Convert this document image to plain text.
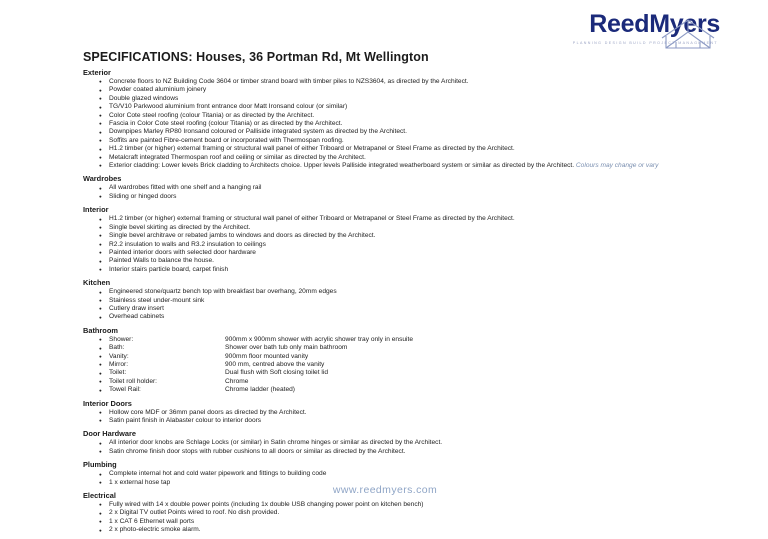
ReedMyers
PLANNING DESIGN BUILD PROJECT MANAGEMENT
SPECIFICATIONS: Houses, 36 Portman Rd, Mt Wellington
Exterior
● Concrete floors to NZ Building Code 3604 or timber strand board with timber piles to NZS3604, as directed by the Architect.
● Powder coated aluminium joinery
● Double glazed windows
● TG/V10 Parkwood aluminium front entrance door Matt Ironsand colour (or similar)
● Color Cote steel roofing (colour Titania) or as directed by the Architect.
● Fascia in Color Cote steel roofing (colour Titania) or as directed by the Architect.
● Downpipes Marley RP80 Ironsand coloured or Palliside integrated system as directed by the Architect.
● Soffits are painted Fibre-cement board or incorporated with Thermospan roofing.
● H1.2 timber (or higher) external framing or structural wall panel of either Triboard or Metrapanel or Steel Frame as directed by the Architect.
● Metalcraft integrated Thermospan roof and ceiling or similar as directed by the Architect.
● Exterior cladding: Lower levels Brick cladding to Architects choice. Upper levels Palliside integrated weatherboard system or similar as directed by the Architect. Colours may change or vary
Wardrobes
● All wardrobes fitted with one shelf and a hanging rail
● Sliding or hinged doors
Interior
● H1.2 timber (or higher) external framing or structural wall panel of either Triboard or Metrapanel or Steel Frame as directed by the Architect.
● Single bevel skirting as directed by the Architect.
● Single bevel architrave or rebated jambs to windows and doors as directed by the Architect.
● R2.2 insulation to walls and R3.2 insulation to ceilings
● Painted interior doors with selected door hardware
● Painted Walls to balance the house.
● Interior stairs particle board, carpet finish
Kitchen
● Engineered stone/quartz bench top with breakfast bar overhang, 20mm edges
● Stainless steel under-mount sink
● Cutlery draw insert
● Overhead cabinets
Bathroom
● Shower:	900mm x 900mm shower with acrylic shower tray only in ensuite
● Bath:	Shower over bath tub only main bathroom
● Vanity:	900mm floor mounted vanity
● Mirror:	900 mm, centred above the vanity
● Toilet:	Dual flush with Soft closing toilet lid
● Toilet roll holder:	Chrome
● Towel Rail:	Chrome ladder (heated)
Interior Doors
● Hollow core MDF or 36mm panel doors as directed by the Architect.
● Satin paint finish in Alabaster colour to interior doors
Door Hardware
● All interior door knobs are Schlage Locks (or similar) in Satin chrome hinges or similar as directed by the Architect.
● Satin chrome finish door stops with rubber cushions to all doors or similar as directed by the Architect.
Plumbing
● Complete internal hot and cold water pipework and fittings to building code
● 1 x external hose tap
Electrical
● Fully wired with 14 x double power points (including 1x double USB changing power point on kitchen bench)
● 2 x Digital TV outlet Points wired to roof. No dish provided.
● 1 x CAT 6 Ethernet wall ports
● 2 x photo-electric smoke alarm.
www.reedmyers.com
